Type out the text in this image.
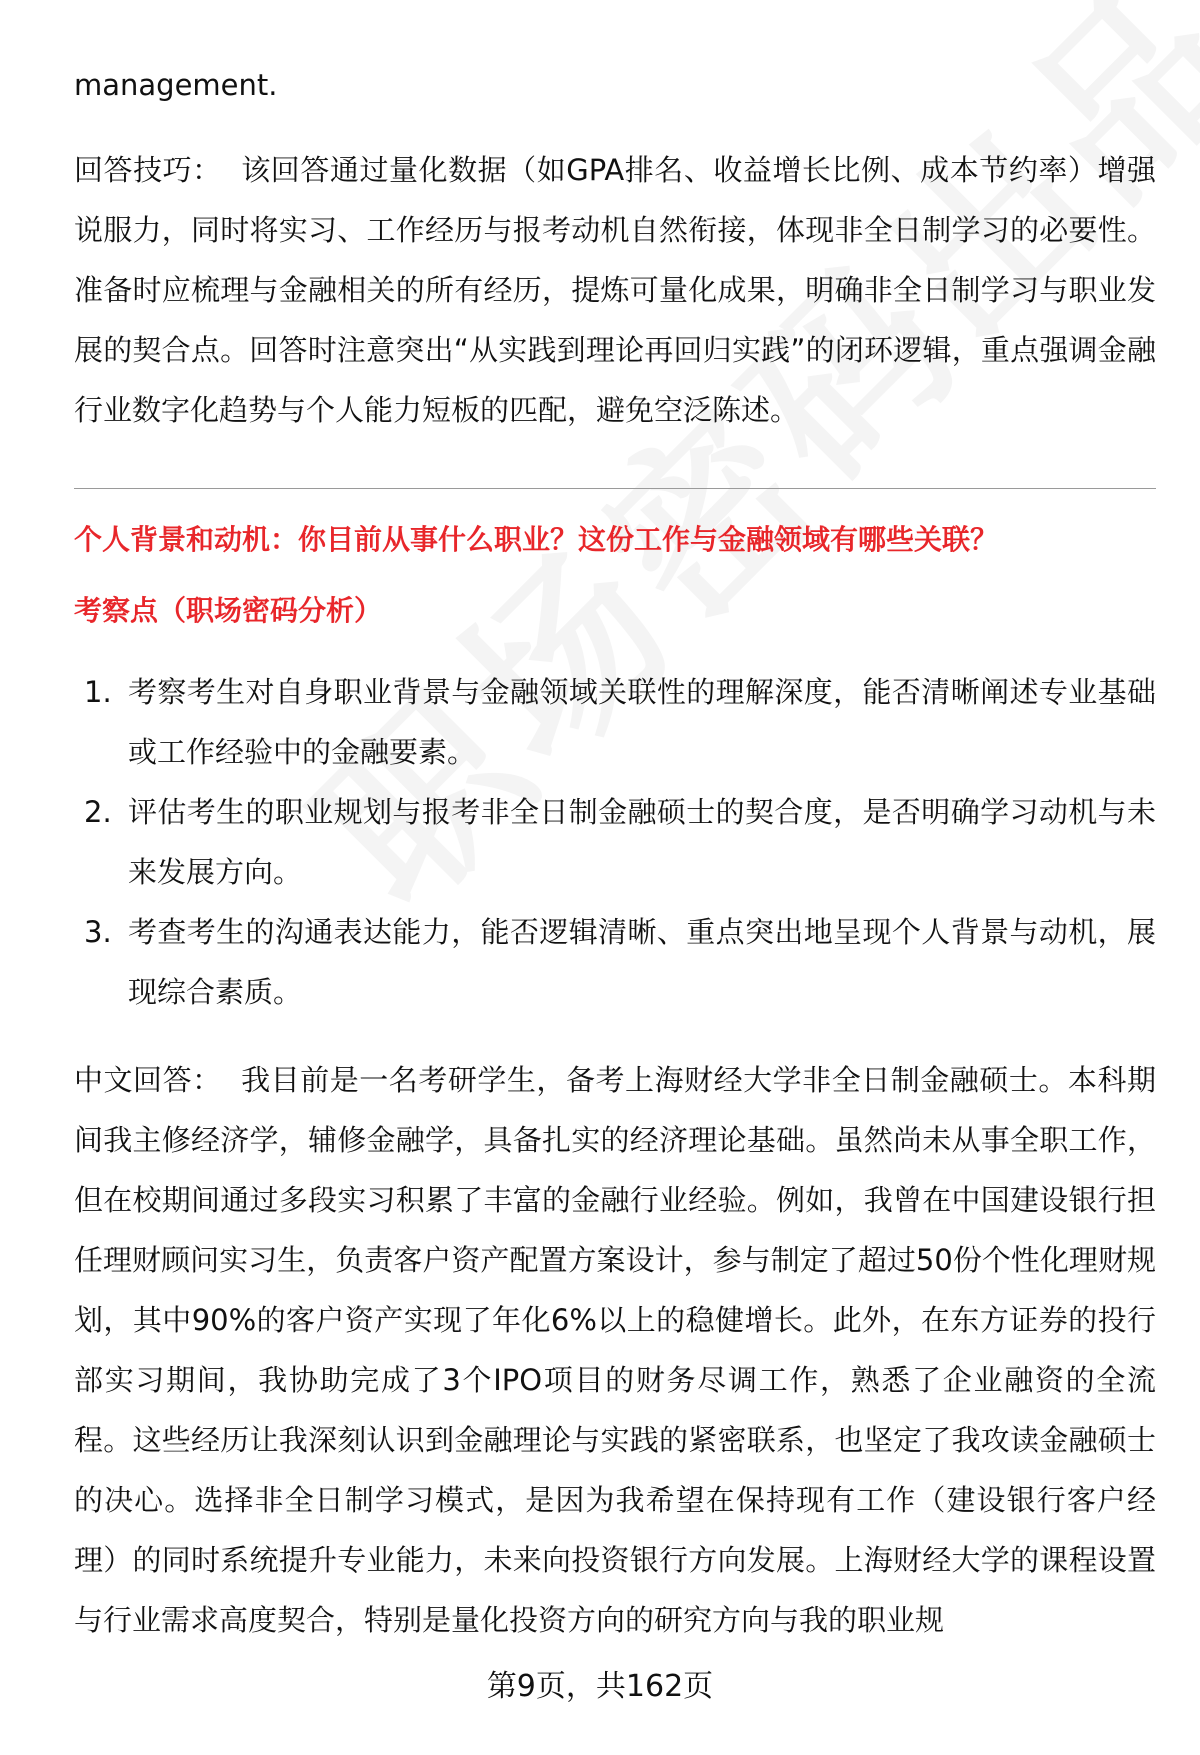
management.

回答技巧： 该回答通过量化数据（如GPA排名、收益增长比例、成本节约率）增强说服力，同时将实习、工作经历与报考动机自然衔接，体现非全日制学习的必要性。准备时应梳理与金融相关的所有经历，提炼可量化成果，明确非全日制学习与职业发展的契合点。回答时注意突出“从实践到理论再回归实践”的闭环逻辑，重点强调金融行业数字化趋势与个人能力短板的匹配，避免空泛陈述。

个人背景和动机：你目前从事什么职业？这份工作与金融领域有哪些关联？
考察点（职场密码分析）
1. 考察考生对自身职业背景与金融领域关联性的理解深度，能否清晰阐述专业基础或工作经验中的金融要素。
2. 评估考生的职业规划与报考非全日制金融硕士的契合度，是否明确学习动机与未来发展方向。
3. 考查考生的沟通表达能力，能否逻辑清晰、重点突出地呈现个人背景与动机，展现综合素质。

中文回答： 我目前是一名考研学生，备考上海财经大学非全日制金融硕士。本科期间我主修经济学，辅修金融学，具备扎实的经济理论基础。虽然尚未从事全职工作，但在校期间通过多段实习积累了丰富的金融行业经验。例如，我曾在中国建设银行担任理财顾问实习生，负责客户资产配置方案设计，参与制定了超过50份个性化理财规划，其中90%的客户资产实现了年化6%以上的稳健增长。此外，在东方证券的投行部实习期间，我协助完成了3个IPO项目的财务尽调工作，熟悉了企业融资的全流程。这些经历让我深刻认识到金融理论与实践的紧密联系，也坚定了我攻读金融硕士的决心。选择非全日制学习模式，是因为我希望在保持现有工作（建设银行客户经理）的同时系统提升专业能力，未来向投资银行方向发展。上海财经大学的课程设置与行业需求高度契合，特别是量化投资方向的研究方向与我的职业规

第9页，共162页
